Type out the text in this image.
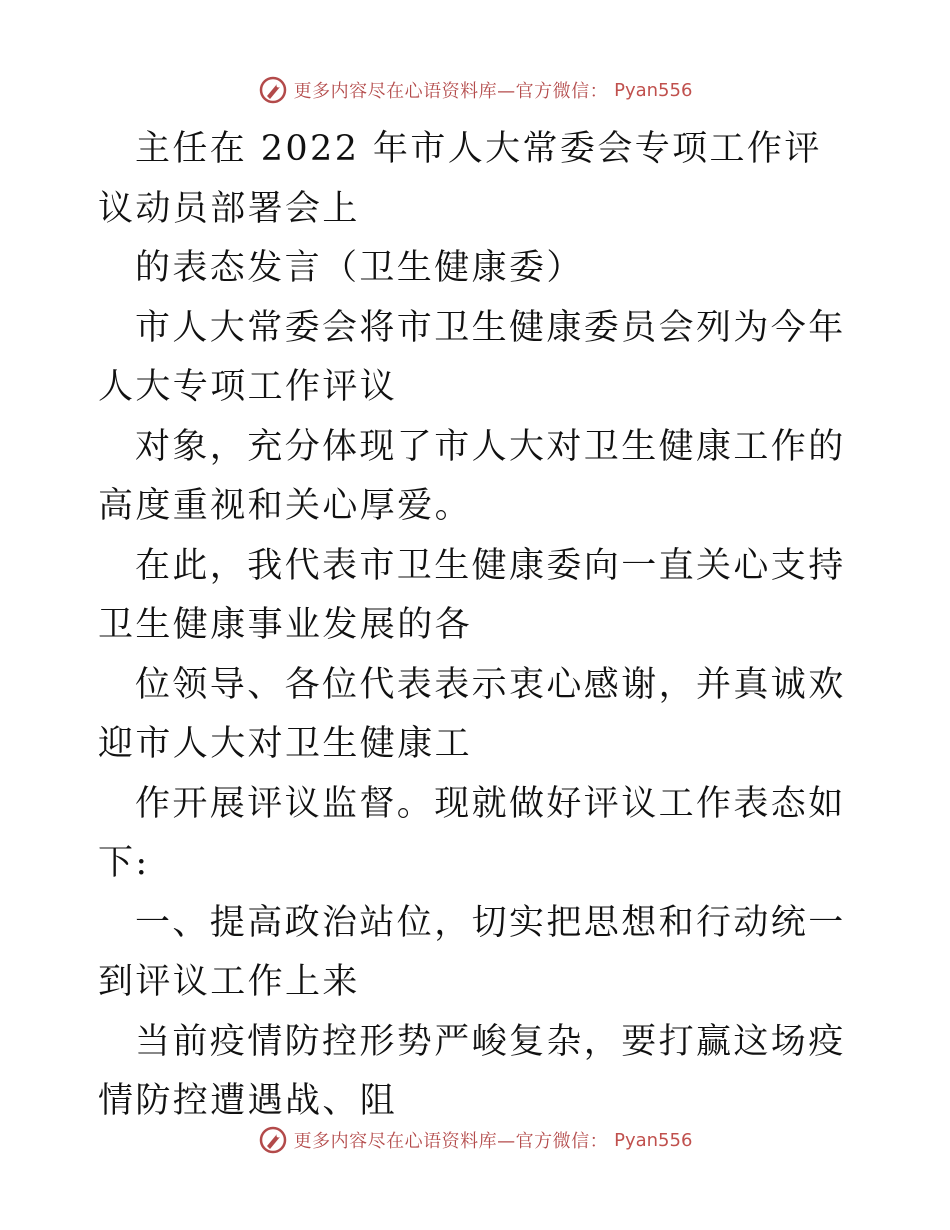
更多内容尽在心语资料库—官方微信： Pyan556

主任在 2022 年市人大常委会专项工作评议动员部署会上

的表态发言（卫生健康委）

市人大常委会将市卫生健康委员会列为今年人大专项工作评议

对象，充分体现了市人大对卫生健康工作的高度重视和关心厚爱。

在此，我代表市卫生健康委向一直关心支持卫生健康事业发展的各

位领导、各位代表表示衷心感谢，并真诚欢迎市人大对卫生健康工

作开展评议监督。现就做好评议工作表态如下:

一、提高政治站位，切实把思想和行动统一到评议工作上来

当前疫情防控形势严峻复杂，要打赢这场疫情防控遭遇战、阻

更多内容尽在心语资料库—官方微信： Pyan556
